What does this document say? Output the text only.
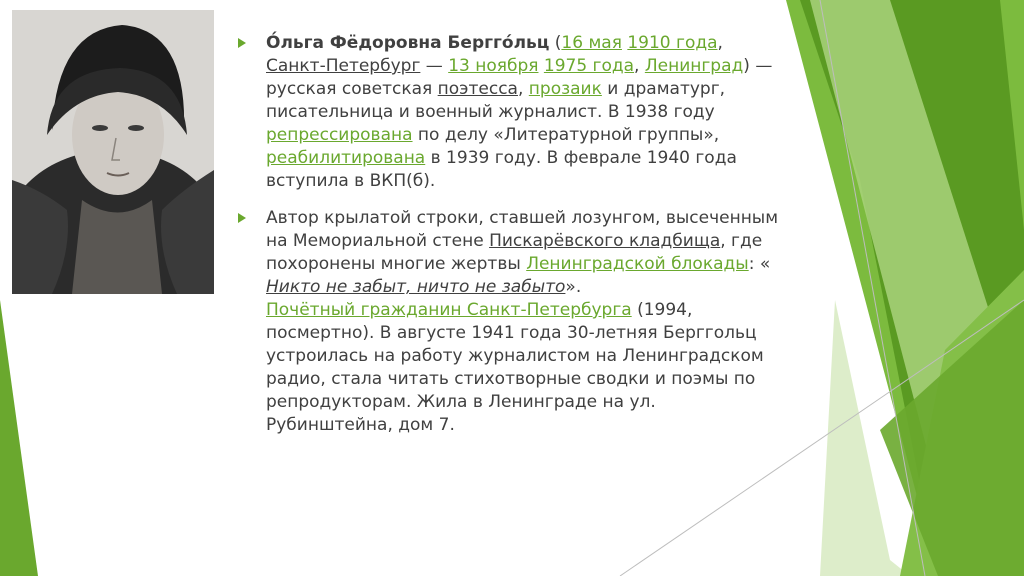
О́льга Фёдоровна Берггóльц (16 мая 1910 года,
Санкт-Петербург — 13 ноября 1975 года, Ленинград) —
русская советская поэтесса, прозаик и драматург,
писательница и военный журналист. В 1938 году
репрессирована по делу «Литературной группы»,
реабилитирована в 1939 году. В феврале 1940 года
вступила в ВКП(б).
Автор крылатой строки, ставшей лозунгом, высеченным
на Мемориальной стене Пискарёвского кладбища, где
похоронены многие жертвы Ленинградской блокады: «
Никто не забыт, ничто не забыто».
Почётный гражданин Санкт-Петербурга (1994,
посмертно). В августе 1941 года 30-летняя Берггольц
устроилась на работу журналистом на Ленинградском
радио, стала читать стихотворные сводки и поэмы по
репродукторам. Жила в Ленинграде на ул.
Рубинштейна, дом 7.
